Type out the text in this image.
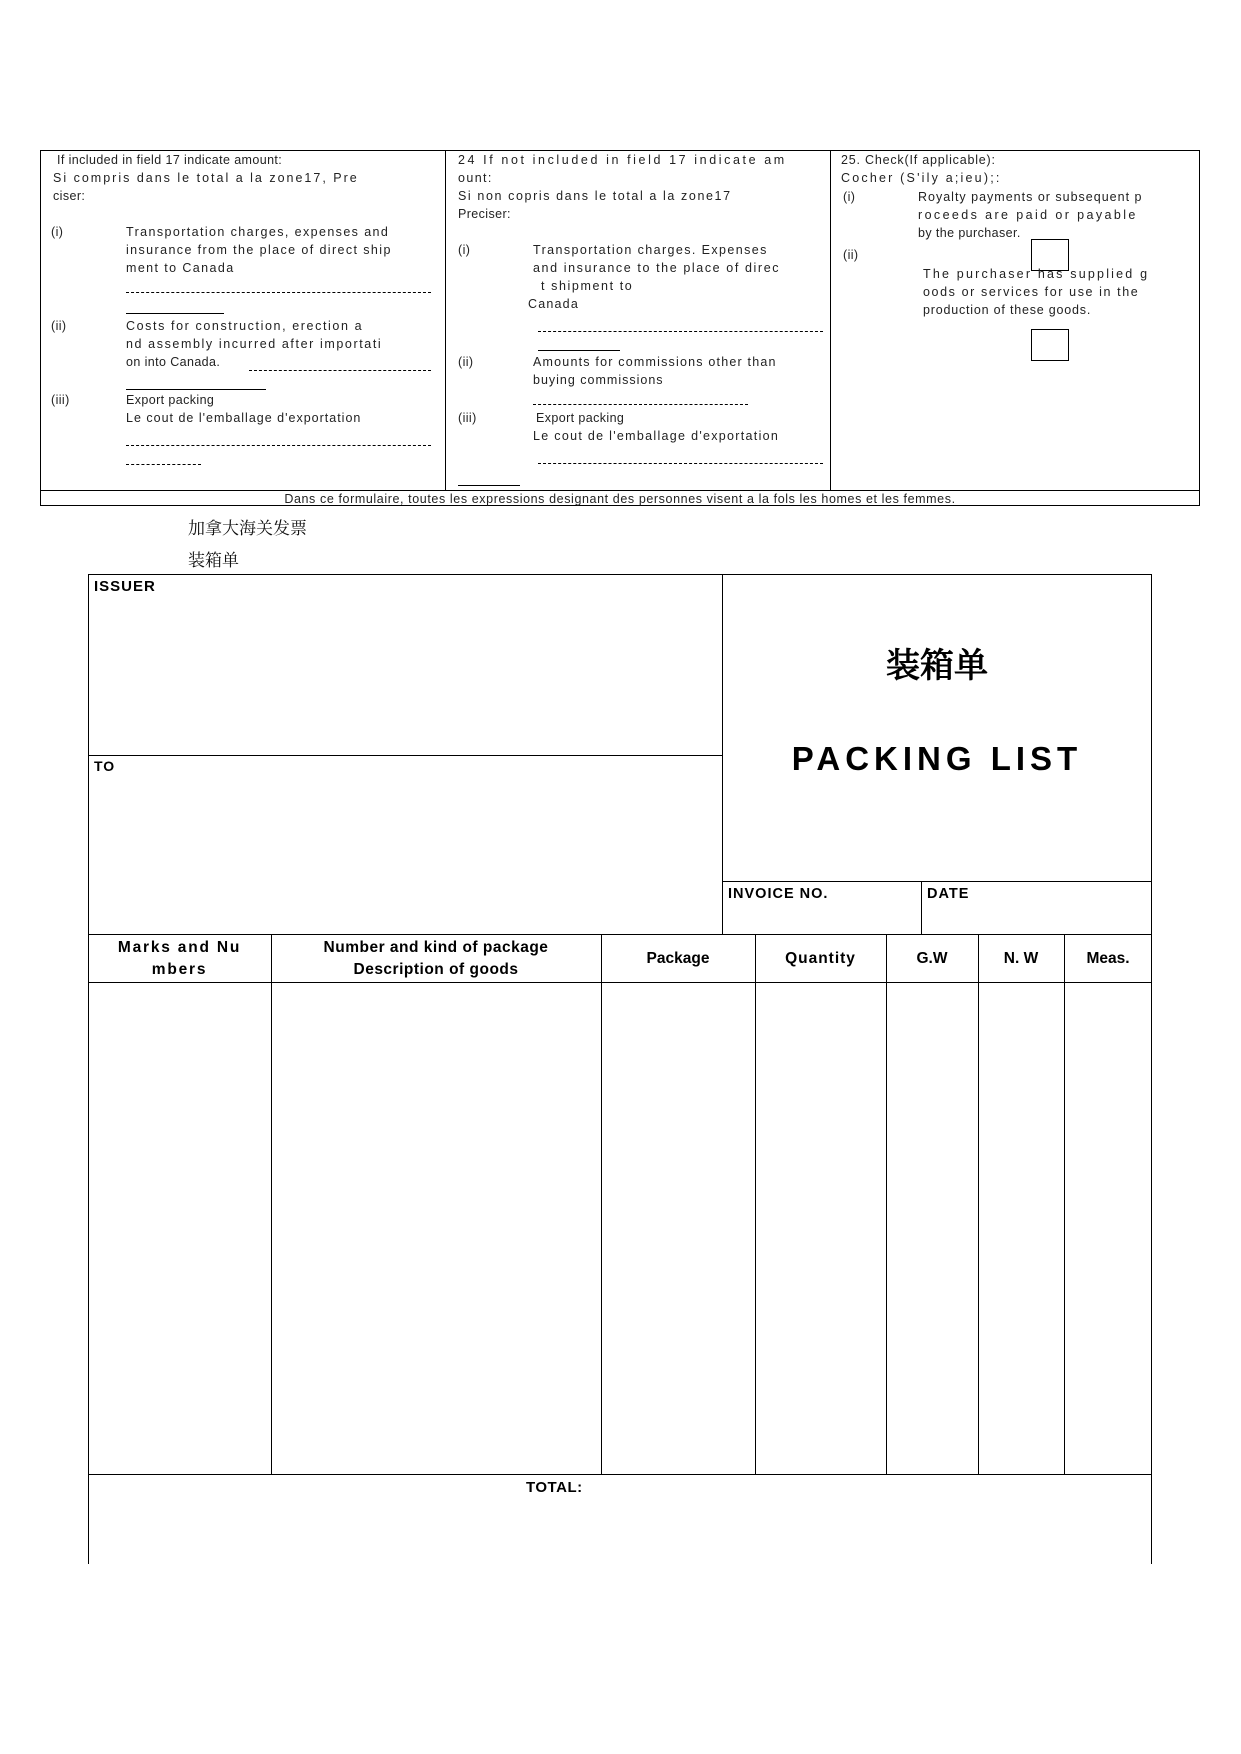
If included in field 17 indicate amount:
Si compris dans le total a la zone17, Pre
ciser:
(i)	Transportation charges, expenses and
insurance from the place of direct ship
ment to Canada
(ii)	Costs for construction, erection a
nd assembly incurred after importati
on into Canada.
(iii)	Export packing
Le cout de l'emballage d'exportation
24 If not included in field 17 indicate am
ount:
Si non copris dans le total a la zone17
Preciser:
(i)	Transportation charges. Expenses
and insurance to the place of direc
t shipment to
Canada
(ii)	Amounts for commissions other than
buying commissions
(iii)	Export packing
Le cout de l'emballage d'exportation
25. Check(If applicable):
Cocher (S'ily a;ieu);:
(i)	Royalty payments or subsequent p
roceeds are paid or payable
by the purchaser.
(ii)
The purchaser has supplied g
oods or services for use in the
production of these goods.
Dans ce formulaire, toutes les expressions designant des personnes visent a la fols les homes et les femmes.
加拿大海关发票
装箱单
ISSUER
TO
装箱单
PACKING LIST
INVOICE NO.	DATE
Marks and Nu
mbers
Number and kind of package
Description of goods
Package	Quantity	G.W	N. W	Meas.
TOTAL:
